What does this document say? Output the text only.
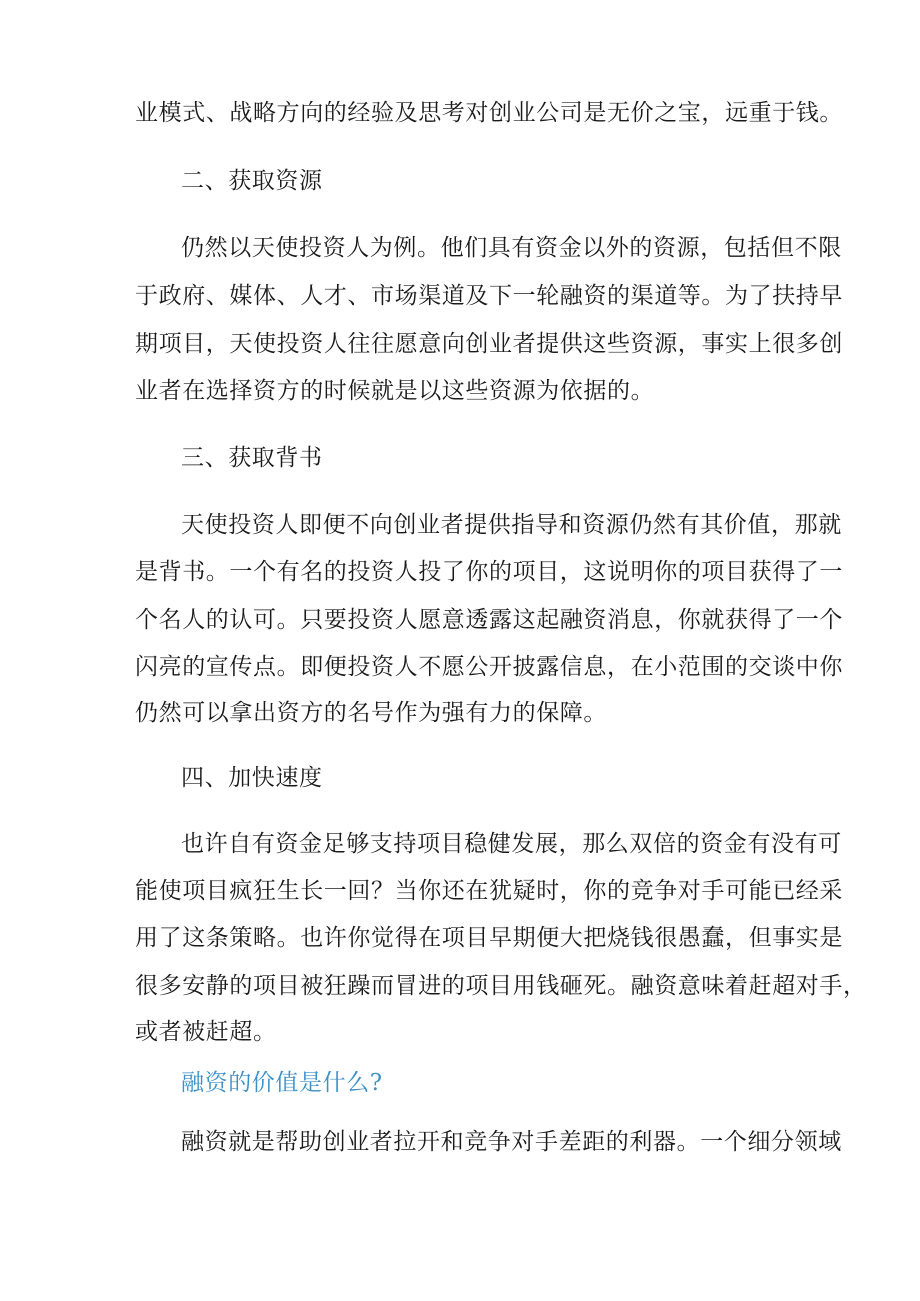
业模式、战略方向的经验及思考对创业公司是无价之宝，远重于钱。
二、获取资源
仍然以天使投资人为例。他们具有资金以外的资源，包括但不限
于政府、媒体、人才、市场渠道及下一轮融资的渠道等。为了扶持早
期项目，天使投资人往往愿意向创业者提供这些资源，事实上很多创
业者在选择资方的时候就是以这些资源为依据的。
三、获取背书
天使投资人即便不向创业者提供指导和资源仍然有其价值，那就
是背书。一个有名的投资人投了你的项目，这说明你的项目获得了一
个名人的认可。只要投资人愿意透露这起融资消息，你就获得了一个
闪亮的宣传点。即便投资人不愿公开披露信息，在小范围的交谈中你
仍然可以拿出资方的名号作为强有力的保障。
四、加快速度
也许自有资金足够支持项目稳健发展，那么双倍的资金有没有可
能使项目疯狂生长一回？当你还在犹疑时，你的竞争对手可能已经采
用了这条策略。也许你觉得在项目早期便大把烧钱很愚蠢，但事实是
很多安静的项目被狂躁而冒进的项目用钱砸死。融资意味着赶超对手，
或者被赶超。
融资的价值是什么?
融资就是帮助创业者拉开和竞争对手差距的利器。一个细分领域
